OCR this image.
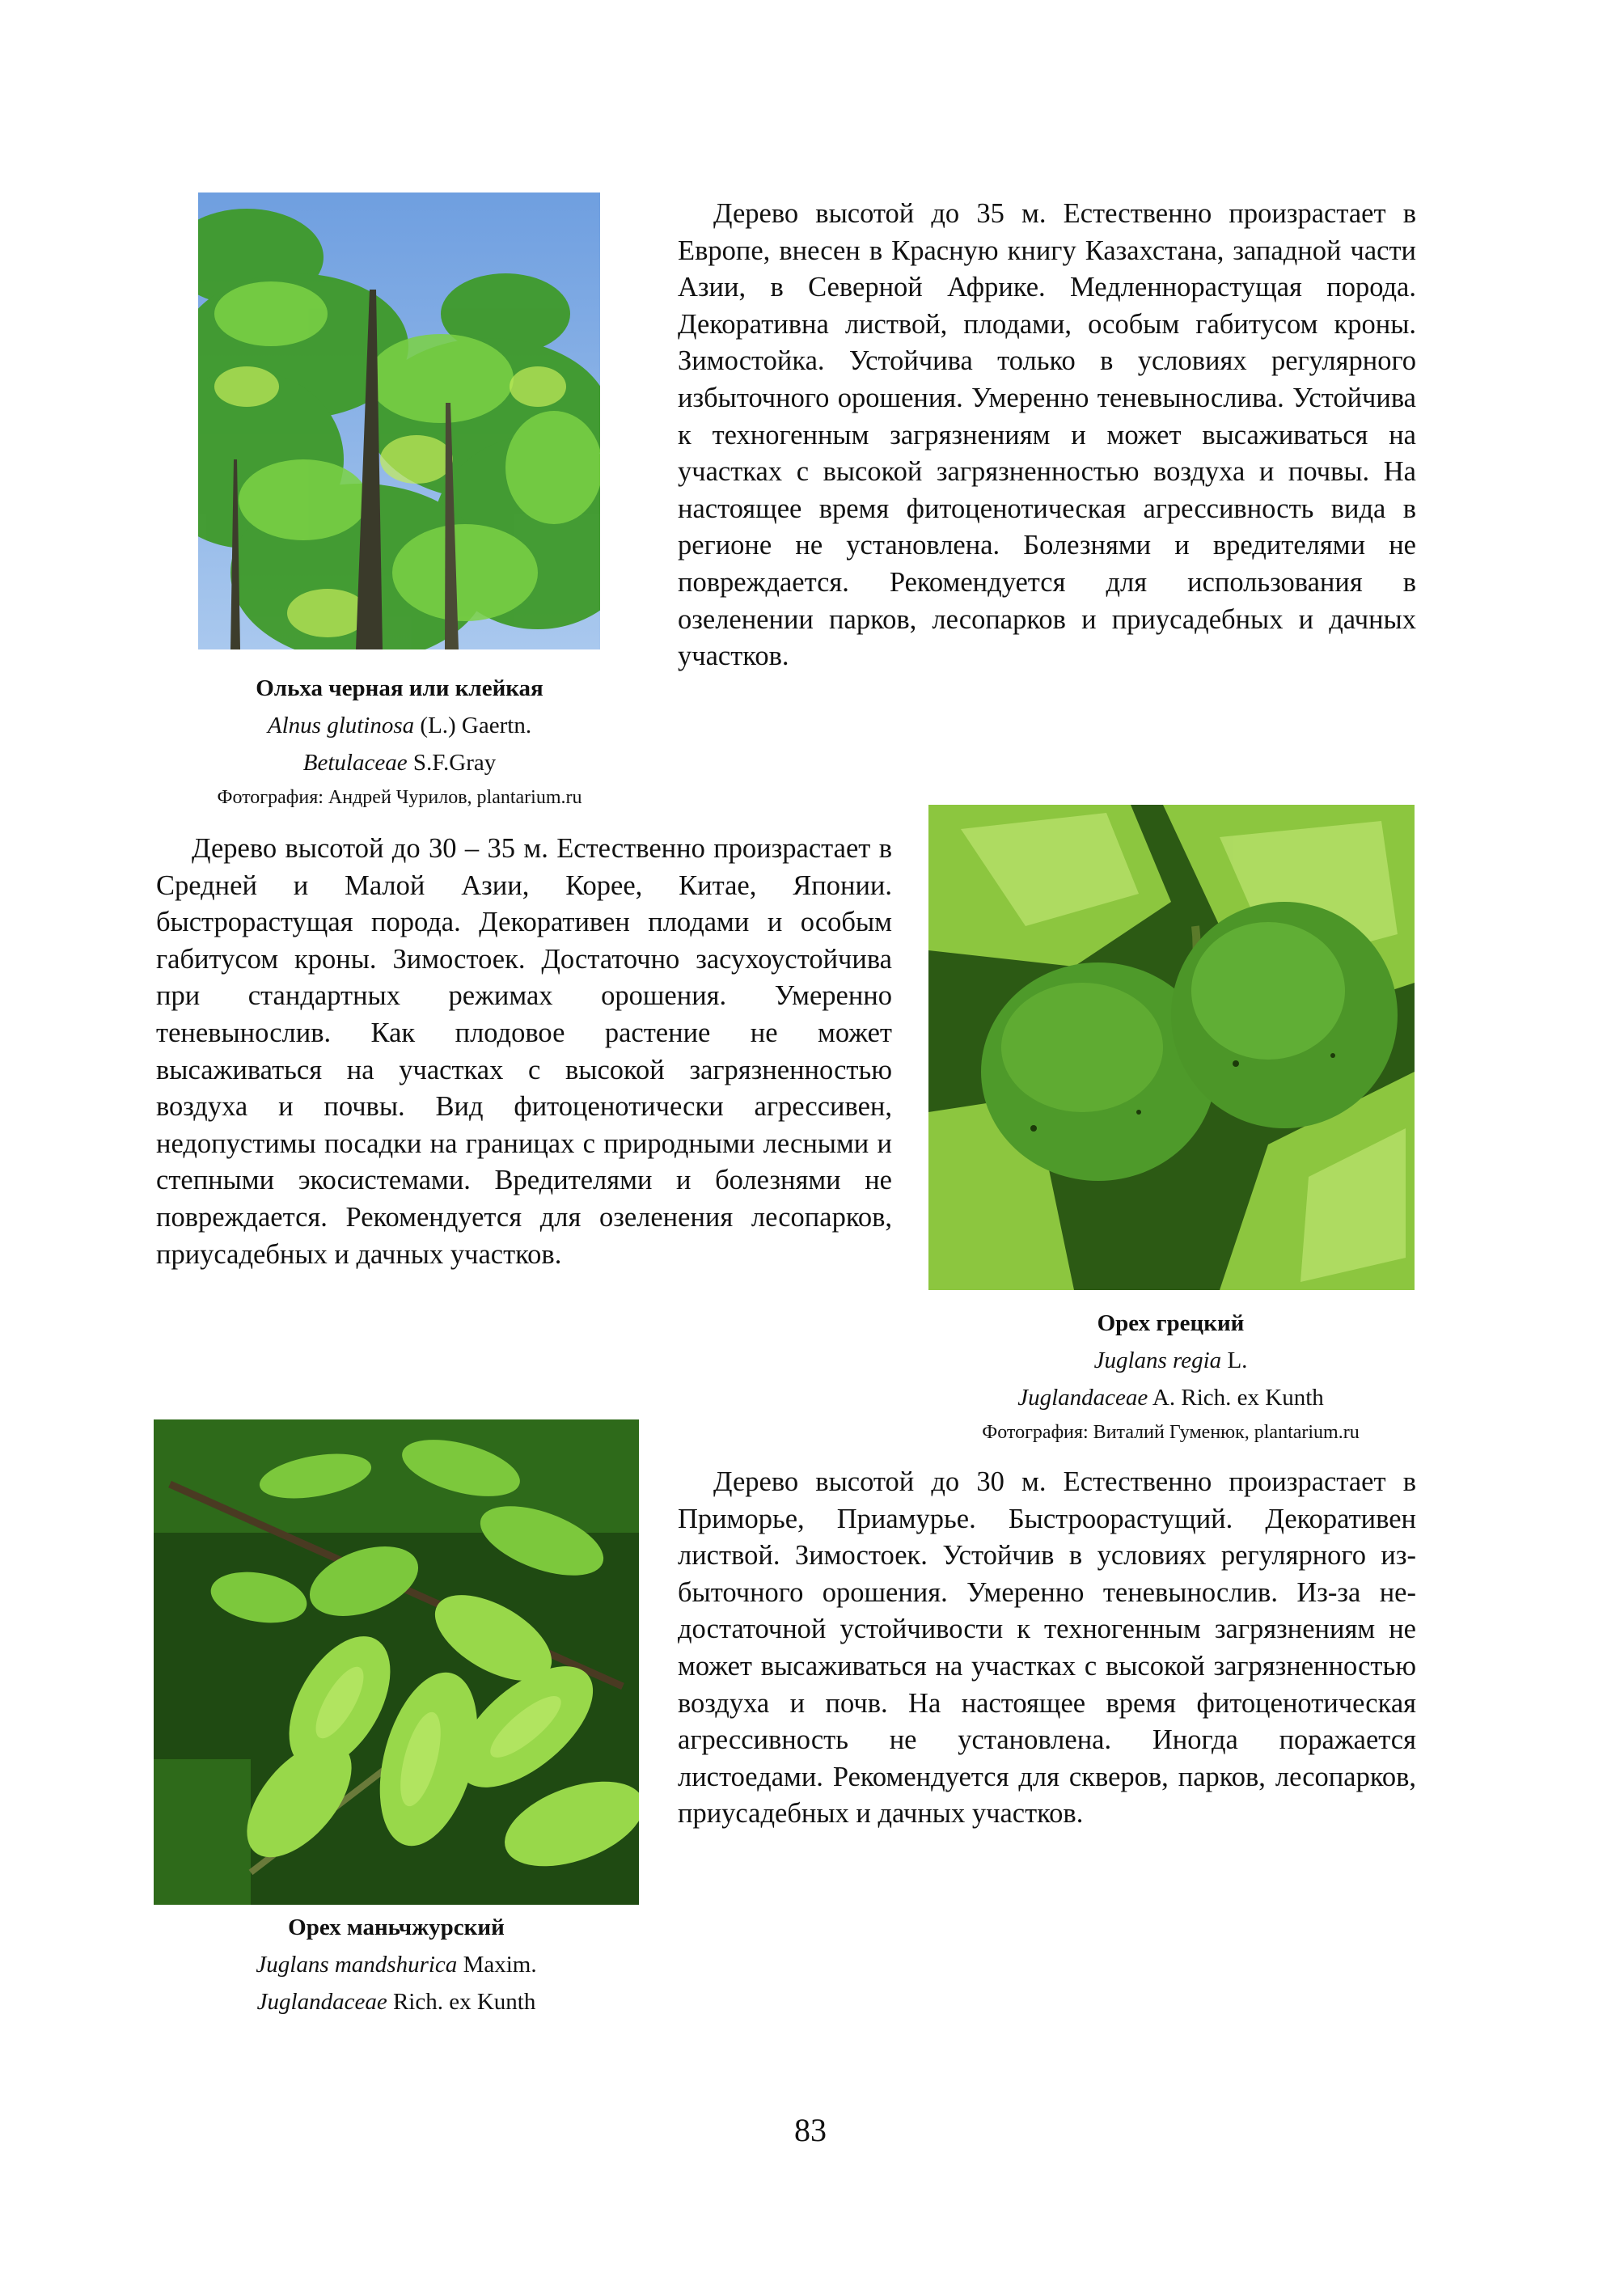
Ольха черная или клейкая
Alnus glutinosa (L.) Gaertn.
Betulaceae S.F.Gray
Фотография: Андрей Чурилов, plantarium.ru

Дерево высотой до 35 м. Естественно произрастает в Европе, внесен в Красную книгу Казахстана, западной части Азии, в Северной Африке. Медленнорастущая порода. Декоративна листвой, плодами, особым габитусом кроны. Зимостойка. Устойчива только в условиях регулярного избыточного орошения. Умеренно теневынослива. Устойчива к техногенным загрязнениям и может высаживаться на участках с высокой загрязненностью воздуха и почвы. На настоящее время фитоценотическая агрессивность вида в регионе не установлена. Болезнями и вредителями не повреждается. Рекомендуется для использования в озеленении парков, лесопарков и приусадебных и дачных участков.

Дерево высотой до 30 – 35 м. Естественно произрастает в Средней и Малой Азии, Корее, Китае, Японии. быстрорастущая порода. Декоративен плодами и особым габитусом кроны. Зимостоек. Достаточно засухоустойчива при стандартных режимах орошения. Умеренно теневынослив. Как плодовое растение не может высаживаться на участках с высокой загрязненностью воздуха и почвы. Вид фитоценотически агрессивен, недопустимы посадки на границах с природными лесными и степными экосистемами. Вредителями и болезнями не повреждается. Рекомендуется для озеленения лесопарков, приусадебных и дачных участков.

Орех грецкий
Juglans regia L.
Juglandaceae A. Rich. ex Kunth
Фотография: Виталий Гуменюк, plantarium.ru

Дерево высотой до 30 м. Естественно произрастает в Приморье, Приамурье. Быстроорастущий. Декоративен листвой. Зимостоек. Устойчив в условиях регулярного избыточного орошения. Умеренно теневынослив. Из-за недостаточной устойчивости к техногенным загрязнениям не может высаживаться на участках с высокой загрязненностью воздуха и почв. На настоящее время фитоценотическая агрессивность не установлена. Иногда поражается листоедами. Рекомендуется для скверов, парков, лесопарков, приусадебных и дачных участков.

Орех маньчжурский
Juglans mandshurica Maxim.
Juglandaceae Rich. ex Kunth
83
